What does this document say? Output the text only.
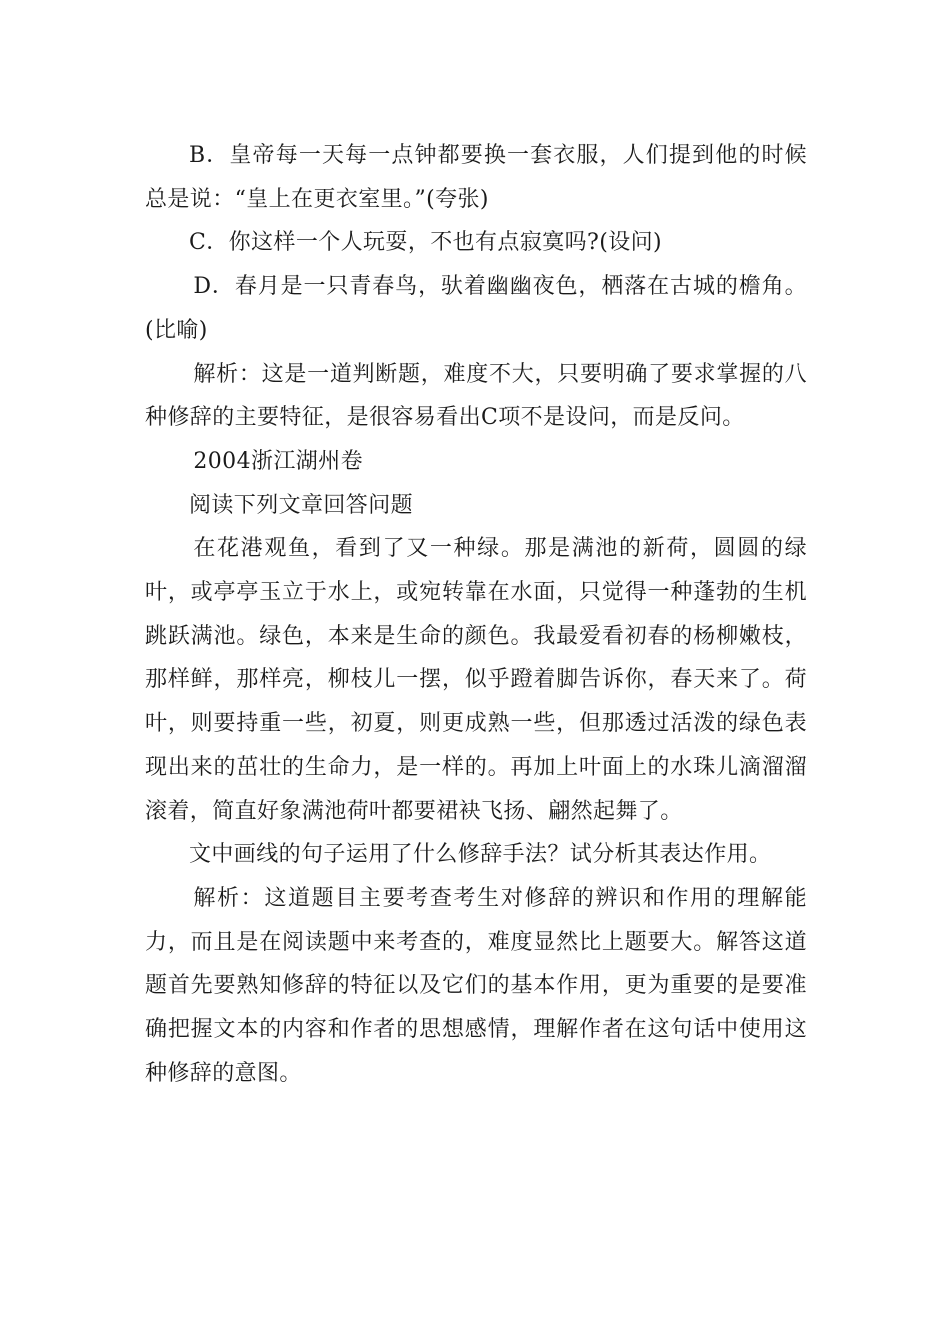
B．皇帝每一天每一点钟都要换一套衣服，人们提到他的时候总是说：“皇上在更衣室里。”(夸张)

C．你这样一个人玩耍，不也有点寂寞吗?(设问)

D．春月是一只青春鸟，驮着幽幽夜色，栖落在古城的檐角。(比喻)

解析：这是一道判断题，难度不大，只要明确了要求掌握的八种修辞的主要特征，是很容易看出C项不是设问，而是反问。

2004浙江湖州卷

阅读下列文章回答问题

在花港观鱼，看到了又一种绿。那是满池的新荷，圆圆的绿叶，或亭亭玉立于水上，或宛转靠在水面，只觉得一种蓬勃的生机跳跃满池。绿色，本来是生命的颜色。我最爱看初春的杨柳嫩枝，那样鲜，那样亮，柳枝儿一摆，似乎蹬着脚告诉你，春天来了。荷叶，则要持重一些，初夏，则更成熟一些，但那透过活泼的绿色表现出来的茁壮的生命力，是一样的。再加上叶面上的水珠儿滴溜溜滚着，简直好象满池荷叶都要裙袂飞扬、翩然起舞了。

文中画线的句子运用了什么修辞手法？试分析其表达作用。

解析：这道题目主要考查考生对修辞的辨识和作用的理解能力，而且是在阅读题中来考查的，难度显然比上题要大。解答这道题首先要熟知修辞的特征以及它们的基本作用，更为重要的是要准确把握文本的内容和作者的思想感情，理解作者在这句话中使用这种修辞的意图。
